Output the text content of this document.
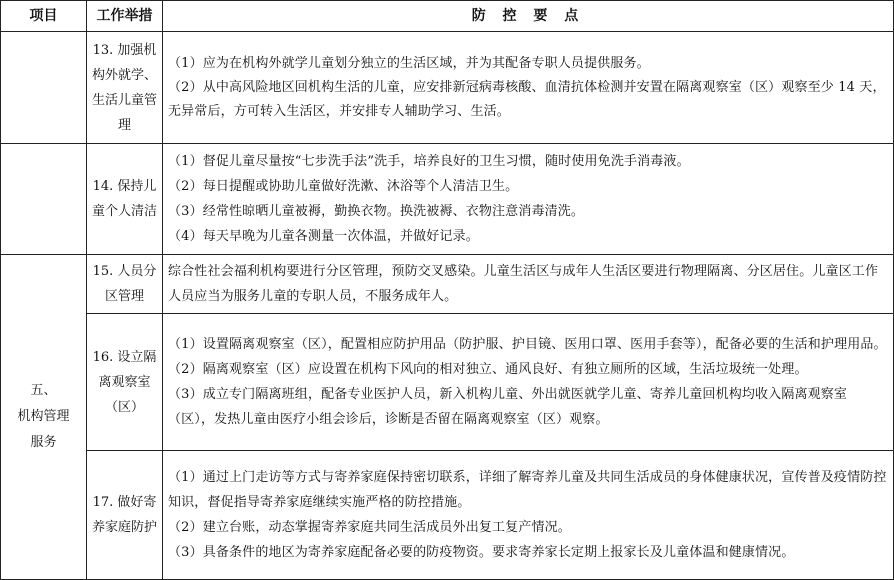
项目	工作举措	防 控 要 点
	13. 加强机构外就学、生活儿童管理	（1）应为在机构外就学儿童划分独立的生活区域，并为其配备专职人员提供服务。

（2）从中高风险地区回机构生活的儿童，应安排新冠病毒核酸、血清抗体检测并安置在隔离观察室（区）观察至少 14 天，无异常后，方可转入生活区，并安排专人辅助学习、生活。

	14. 保持儿童个人清洁	（1）督促儿童尽量按“七步洗手法”洗手，培养良好的卫生习惯，随时使用免洗手消毒液。

（2）每日提醒或协助儿童做好洗漱、沐浴等个人清洁卫生。

（3）经常性晾晒儿童被褥，勤换衣物。换洗被褥、衣物注意消毒清洗。

（4）每天早晚为儿童各测量一次体温，并做好记录。

五、
机构管理
服务	15. 人员分区管理	综合性社会福利机构要进行分区管理，预防交叉感染。儿童生活区与成年人生活区要进行物理隔离、分区居住。儿童区工作人员应当为服务儿童的专职人员，不服务成年人。

	16. 设立隔离观察室（区）	（1）设置隔离观察室（区），配置相应防护用品（防护服、护目镜、医用口罩、医用手套等），配备必要的生活和护理用品。

（2）隔离观察室（区）应设置在机构下风向的相对独立、通风良好、有独立厕所的区域，生活垃圾统一处理。

（3）成立专门隔离班组，配备专业医护人员，新入机构儿童、外出就医就学儿童、寄养儿童回机构均收入隔离观察室（区），发热儿童由医疗小组会诊后，诊断是否留在隔离观察室（区）观察。

	17. 做好寄养家庭防护	（1）通过上门走访等方式与寄养家庭保持密切联系，详细了解寄养儿童及共同生活成员的身体健康状况，宣传普及疫情防控知识，督促指导寄养家庭继续实施严格的防控措施。

（2）建立台账，动态掌握寄养家庭共同生活成员外出复工复产情况。

（3）具备条件的地区为寄养家庭配备必要的防疫物资。要求寄养家长定期上报家长及儿童体温和健康情况。
